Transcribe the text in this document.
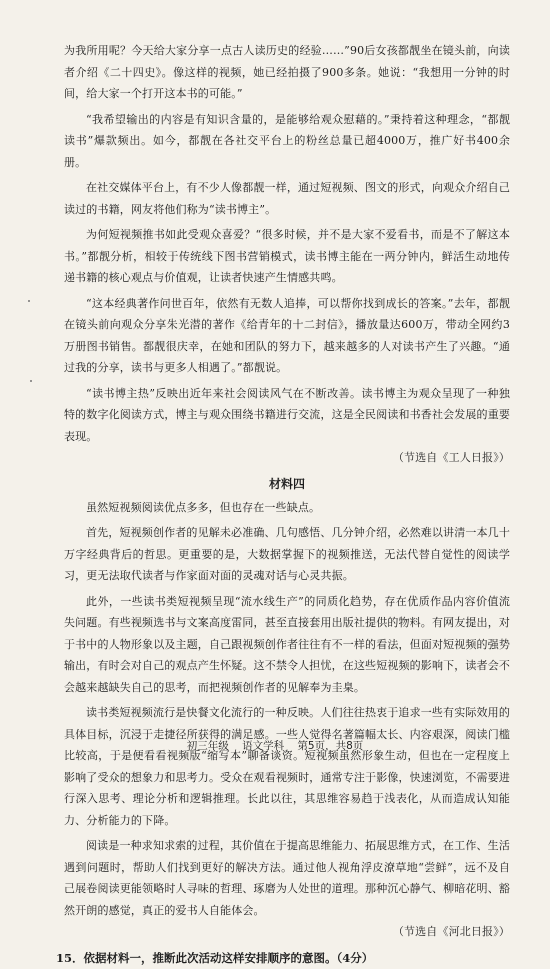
为我所用呢？今天给大家分享一点古人读历史的经验……”90后女孩都靓坐在镜头前，向读者介绍《二十四史》。像这样的视频，她已经拍摄了900多条。她说：“我想用一分钟的时间，给大家一个打开这本书的可能。”

“我希望输出的内容是有知识含量的，是能够给观众慰藉的。”秉持着这种理念，“都靓读书”爆款频出。如今，都靓在各社交平台上的粉丝总量已超4000万，推广好书400余册。

在社交媒体平台上，有不少人像都靓一样，通过短视频、图文的形式，向观众介绍自己读过的书籍，网友将他们称为“读书博主”。

为何短视频推书如此受观众喜爱？“很多时候，并不是大家不爱看书，而是不了解这本书。”都靓分析，相较于传统线下图书营销模式，读书博主能在一两分钟内，鲜活生动地传递书籍的核心观点与价值观，让读者快速产生情感共鸣。

“这本经典著作问世百年，依然有无数人追捧，可以帮你找到成长的答案。”去年，都靓在镜头前向观众分享朱光潜的著作《给青年的十二封信》，播放量达600万，带动全网约3万册图书销售。都靓很庆幸，在她和团队的努力下，越来越多的人对读书产生了兴趣。“通过我的分享，读书与更多人相遇了。”都靓说。

“读书博主热”反映出近年来社会阅读风气在不断改善。读书博主为观众呈现了一种独特的数字化阅读方式，博主与观众围绕书籍进行交流，这是全民阅读和书香社会发展的重要表现。
（节选自《工人日报》）

材料四

虽然短视频阅读优点多多，但也存在一些缺点。

首先，短视频创作者的见解未必准确、几句感悟、几分钟介绍，必然难以讲清一本几十万字经典背后的哲思。更重要的是，大数据掌握下的视频推送，无法代替自觉性的阅读学习，更无法取代读者与作家面对面的灵魂对话与心灵共振。

此外，一些读书类短视频呈现“流水线生产”的同质化趋势，存在优质作品内容价值流失问题。有些视频选书与文案高度雷同，甚至直接套用出版社提供的物料。有网友提出，对于书中的人物形象以及主题，自己跟视频创作者往往有不一样的看法，但面对短视频的强势输出，有时会对自己的观点产生怀疑。这不禁令人担忧，在这些短视频的影响下，读者会不会越来越缺失自己的思考，而把视频创作者的见解奉为圭臬。

读书类短视频流行是快餐文化流行的一种反映。人们往往热衷于追求一些有实际效用的具体目标，沉浸于走捷径所获得的满足感。一些人觉得名著篇幅太长、内容艰深，阅读门槛比较高，于是便看看视频版“缩写本”聊备谈资。短视频虽然形象生动，但也在一定程度上影响了受众的想象力和思考力。受众在观看视频时，通常专注于影像，快速浏览，不需要进行深入思考、理论分析和逻辑推理。长此以往，其思维容易趋于浅表化，从而造成认知能力、分析能力的下降。

阅读是一种求知求索的过程，其价值在于提高思维能力、拓展思维方式，在工作、生活遇到问题时，帮助人们找到更好的解决方法。通过他人视角浮皮潦草地“尝鲜”，远不及自己展卷阅读更能领略时人寻味的哲理、琢磨为人处世的道理。那种沉心静气、柳暗花明、豁然开朗的感觉，真正的爱书人自能体会。
（节选自《河北日报》）

15．依据材料一，推断此次活动这样安排顺序的意图。（4分）
初三年级    语文学科    第5页，共8页
